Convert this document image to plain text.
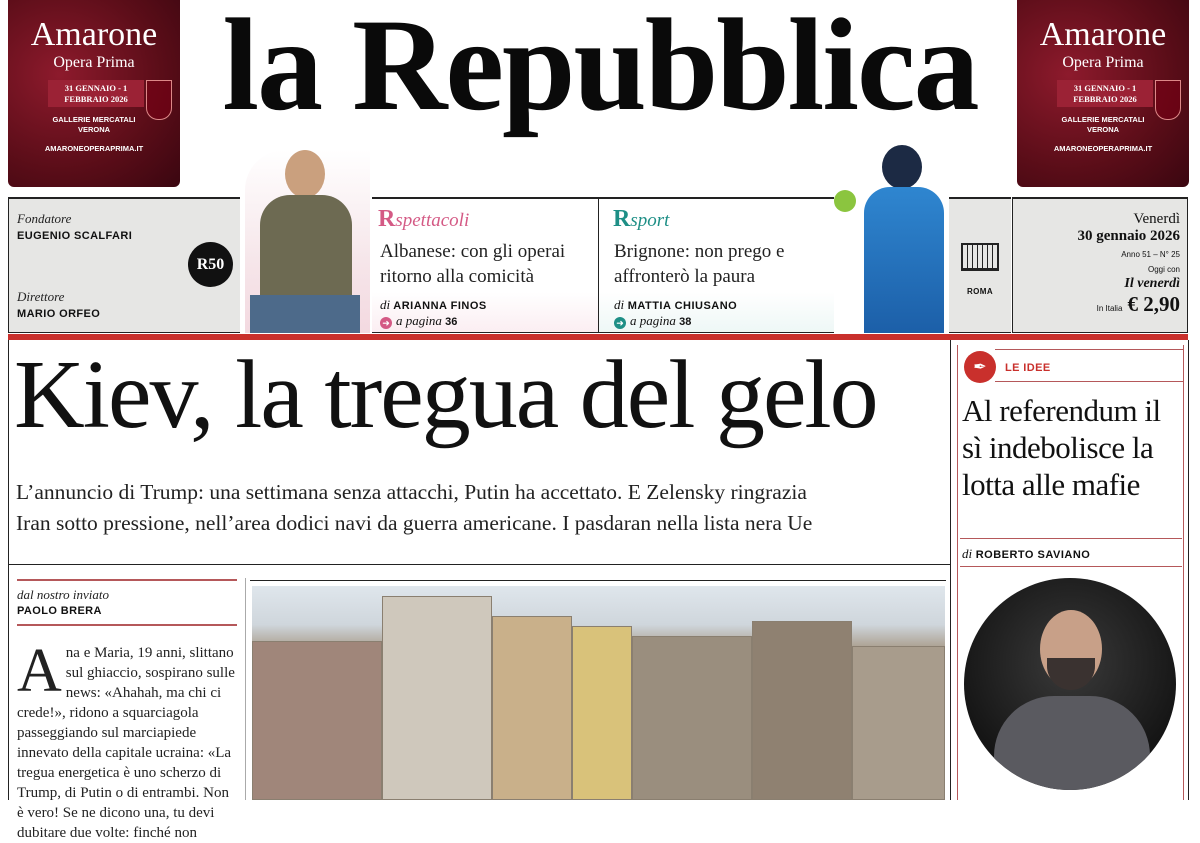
Amarone
Opera Prima
31 GENNAIO - 1 FEBBRAIO 2026
GALLERIE MERCATALI VERONA
AMARONEOPERAPRIMA.IT
Amarone
Opera Prima
31 GENNAIO - 1 FEBBRAIO 2026
GALLERIE MERCATALI VERONA
AMARONEOPERAPRIMA.IT
la Repubblica
Fondatore
EUGENIO SCALFARI
Direttore
MARIO ORFEO
R50
Rspettacoli
Albanese: con gli operai ritorno alla comicità
di ARIANNA FINOS
➜ a pagina 36
Rsport
Brignone: non prego e affronterò la paura
di MATTIA CHIUSANO
➜ a pagina 38
ROMA
Venerdì
30 gennaio 2026
Anno 51 – N° 25
Oggi con
Il venerdì
In Italia € 2,90
Kiev, la tregua del gelo
L’annuncio di Trump: una settimana senza attacchi, Putin ha accettato. E Zelensky ringrazia
Iran sotto pressione, nell’area dodici navi da guerra americane. I pasdaran nella lista nera Ue
dal nostro inviato
PAOLO BRERA
Ana e Maria, 19 anni, slittano sul ghiaccio, sospirano sulle news: «Ahahah, ma chi ci crede!», ridono a squarciagola passeggiando sul marciapiede innevato della capitale ucraina: «La tregua energetica è uno scherzo di Trump, di Putin o di entrambi. Non è vero! Se ne dicono una, tu devi dubitare due volte: finché non
✒	LE IDEE
Al referendum il sì indebolisce la lotta alle mafie
di ROBERTO SAVIANO
